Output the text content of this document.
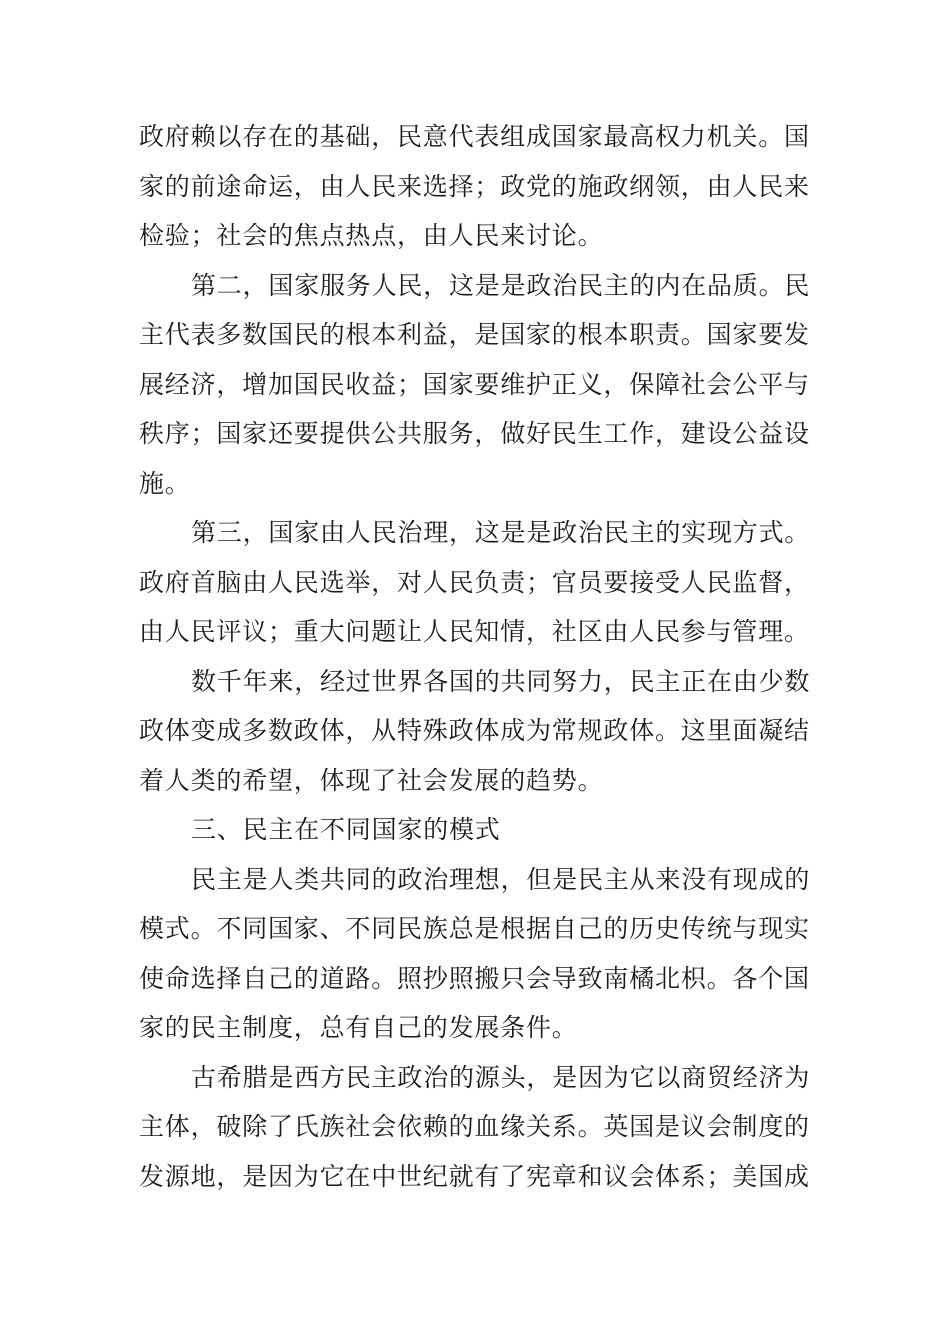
政府赖以存在的基础，民意代表组成国家最高权力机关。国
家的前途命运，由人民来选择；政党的施政纲领，由人民来
检验；社会的焦点热点，由人民来讨论。
第二，国家服务人民，这是是政治民主的内在品质。民
主代表多数国民的根本利益，是国家的根本职责。国家要发
展经济，增加国民收益；国家要维护正义，保障社会公平与
秩序；国家还要提供公共服务，做好民生工作，建设公益设
施。
第三，国家由人民治理，这是是政治民主的实现方式。
政府首脑由人民选举，对人民负责；官员要接受人民监督，
由人民评议；重大问题让人民知情，社区由人民参与管理。
数千年来，经过世界各国的共同努力，民主正在由少数
政体变成多数政体，从特殊政体成为常规政体。这里面凝结
着人类的希望，体现了社会发展的趋势。
三、民主在不同国家的模式
民主是人类共同的政治理想，但是民主从来没有现成的
模式。不同国家、不同民族总是根据自己的历史传统与现实
使命选择自己的道路。照抄照搬只会导致南橘北枳。各个国
家的民主制度，总有自己的发展条件。
古希腊是西方民主政治的源头，是因为它以商贸经济为
主体，破除了氏族社会依赖的血缘关系。英国是议会制度的
发源地，是因为它在中世纪就有了宪章和议会体系；美国成
